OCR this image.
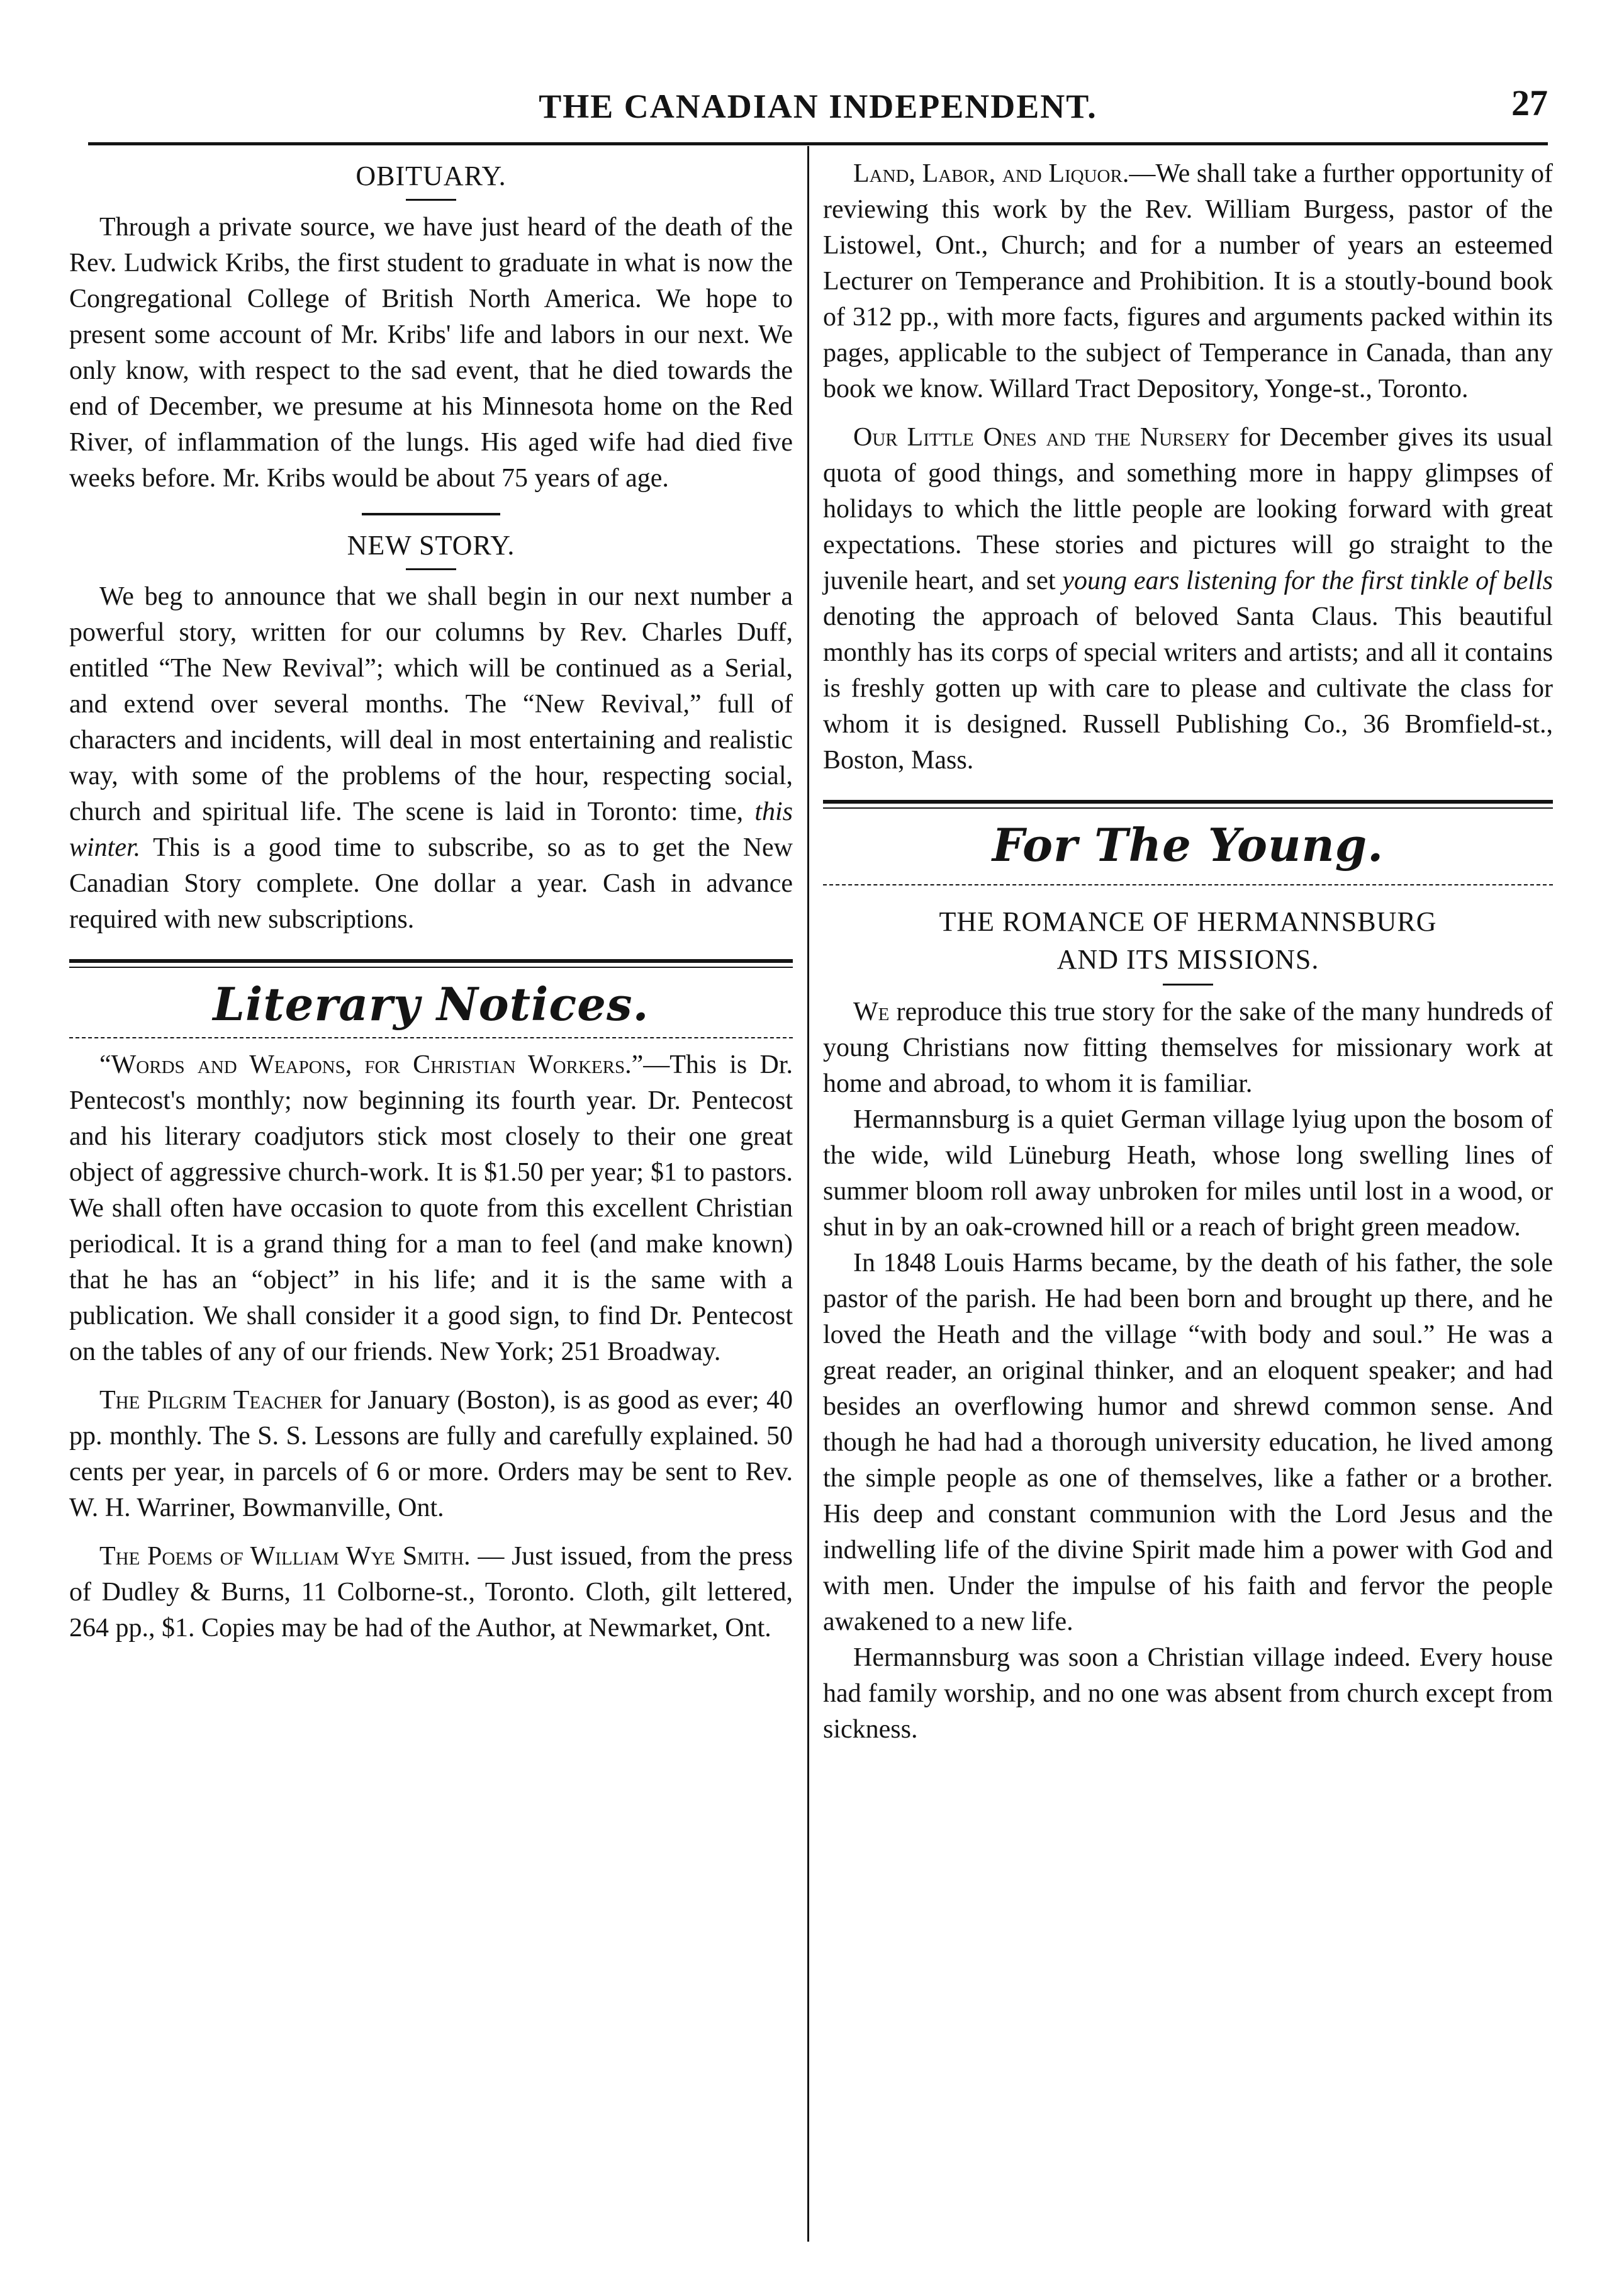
THE CANADIAN INDEPENDENT.	27
OBITUARY.

Through a private source, we have just heard of the death of the Rev. Ludwick Kribs, the first student to graduate in what is now the Congregational College of British North America. We hope to present some account of Mr. Kribs' life and labors in our next. We only know, with respect to the sad event, that he died towards the end of December, we presume at his Minnesota home on the Red River, of inflammation of the lungs. His aged wife had died five weeks before. Mr. Kribs would be about 75 years of age.

NEW STORY.

We beg to announce that we shall begin in our next number a powerful story, written for our columns by Rev. Charles Duff, entitled “The New Revival”; which will be continued as a Serial, and extend over several months. The “New Revival,” full of characters and incidents, will deal in most entertaining and realistic way, with some of the problems of the hour, respecting social, church and spiritual life. The scene is laid in Toronto: time, this winter. This is a good time to subscribe, so as to get the New Canadian Story complete. One dollar a year. Cash in advance required with new subscriptions.

Literary Notices.

“Words and Weapons, for Christian Workers.”—This is Dr. Pentecost's monthly; now beginning its fourth year. Dr. Pentecost and his literary coadjutors stick most closely to their one great object of aggressive church-work. It is $1.50 per year; $1 to pastors. We shall often have occasion to quote from this excellent Christian periodical. It is a grand thing for a man to feel (and make known) that he has an “object” in his life; and it is the same with a publication. We shall consider it a good sign, to find Dr. Pentecost on the tables of any of our friends. New York; 251 Broadway.

The Pilgrim Teacher for January (Boston), is as good as ever; 40 pp. monthly. The S. S. Lessons are fully and carefully explained. 50 cents per year, in parcels of 6 or more. Orders may be sent to Rev. W. H. Warriner, Bowmanville, Ont.

The Poems of William Wye Smith. — Just issued, from the press of Dudley & Burns, 11 Colborne-st., Toronto. Cloth, gilt lettered, 264 pp., $1. Copies may be had of the Author, at Newmarket, Ont.

Land, Labor, and Liquor.—We shall take a further opportunity of reviewing this work by the Rev. William Burgess, pastor of the Listowel, Ont., Church; and for a number of years an esteemed Lecturer on Temperance and Prohibition. It is a stoutly-bound book of 312 pp., with more facts, figures and arguments packed within its pages, applicable to the subject of Temperance in Canada, than any book we know. Willard Tract Depository, Yonge-st., Toronto.

Our Little Ones and the Nursery for December gives its usual quota of good things, and something more in happy glimpses of holidays to which the little people are looking forward with great expectations. These stories and pictures will go straight to the juvenile heart, and set young ears listening for the first tinkle of bells denoting the approach of beloved Santa Claus. This beautiful monthly has its corps of special writers and artists; and all it contains is freshly gotten up with care to please and cultivate the class for whom it is designed. Russell Publishing Co., 36 Bromfield-st., Boston, Mass.

For The Young.
THE ROMANCE OF HERMANNSBURG
AND ITS MISSIONS.

We reproduce this true story for the sake of the many hundreds of young Christians now fitting themselves for missionary work at home and abroad, to whom it is familiar.

Hermannsburg is a quiet German village lyiug upon the bosom of the wide, wild Lüneburg Heath, whose long swelling lines of summer bloom roll away unbroken for miles until lost in a wood, or shut in by an oak-crowned hill or a reach of bright green meadow.

In 1848 Louis Harms became, by the death of his father, the sole pastor of the parish. He had been born and brought up there, and he loved the Heath and the village “with body and soul.” He was a great reader, an original thinker, and an eloquent speaker; and had besides an overflowing humor and shrewd common sense. And though he had had a thorough university education, he lived among the simple people as one of themselves, like a father or a brother. His deep and constant communion with the Lord Jesus and the indwelling life of the divine Spirit made him a power with God and with men. Under the impulse of his faith and fervor the people awakened to a new life.

Hermannsburg was soon a Christian village indeed. Every house had family worship, and no one was absent from church except from sickness.
